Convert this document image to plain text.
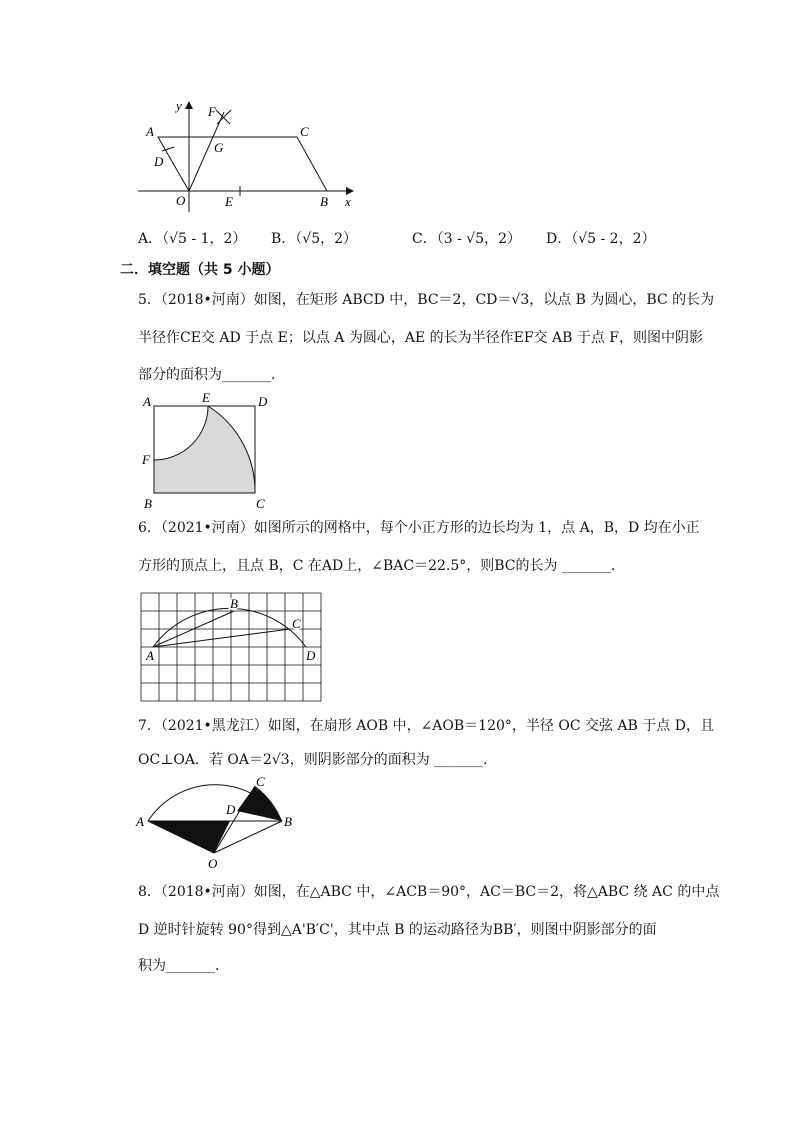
y F
A	C
D
G
O	E	B x
A．（√5 - 1，2） B．（√5，2）	C．（3 - √5，2） D．（√5 - 2，2）
二．填空题（共 5 小题）
5．（2018•河南）如图，在矩形 ABCD 中，BC＝2，CD＝√3，以点 B 为圆心，BC 的长为
半径作CE交 AD 于点 E；以点 A 为圆心，AE 的长为半径作EF交 AB 于点 F，则图中阴影
部分的面积为_______．
A	E	D
F
B	C
6．（2021•河南）如图所示的网格中，每个小正方形的边长均为 1，点 A，B，D 均在小正
方形的顶点上，且点 B，C 在AD上，∠BAC＝22.5°，则BC的长为 _______．
B
C
A	D
7．（2021•黑龙江）如图，在扇形 AOB 中，∠AOB＝120°，半径 OC 交弦 AB 于点 D，且
OC⊥OA．若 OA＝2√3，则阴影部分的面积为 _______．
C
D
A	B
O
8．（2018•河南）如图，在△ABC 中，∠ACB＝90°，AC＝BC＝2，将△ABC 绕 AC 的中点
D 逆时针旋转 90°得到△A'B′C'，其中点 B 的运动路径为BB′，则图中阴影部分的面
积为_______．
